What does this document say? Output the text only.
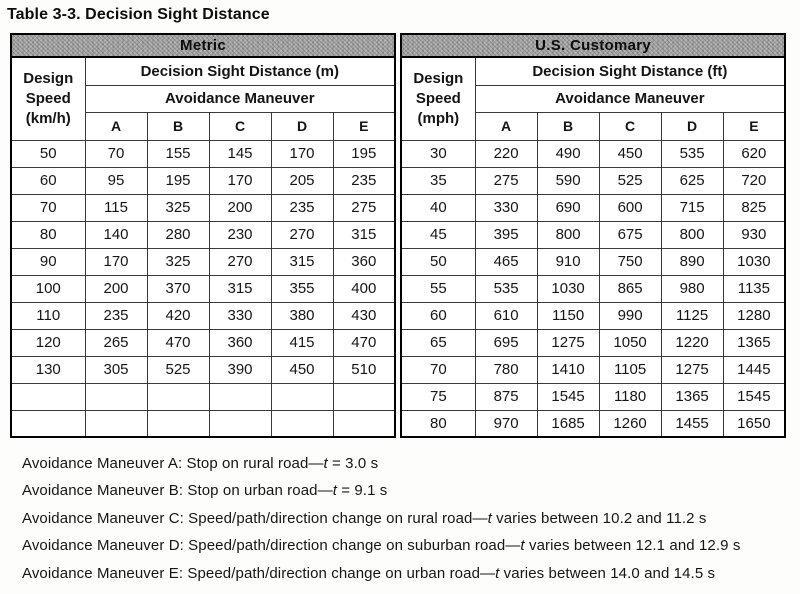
Table 3-3. Decision Sight Distance
Metric					

Design
Speed
(km/h)	Decision Sight Distance (m)				
	Avoidance Maneuver				
	A	B	C	D	E
50	70	155	145	170	195
60	95	195	170	205	235
70	115	325	200	235	275
80	140	280	230	270	315
90	170	325	270	315	360
100	200	370	315	355	400
110	235	420	330	380	430
120	265	470	360	415	470
130	305	525	390	450	510

U.S. Customary					

Design
Speed
(mph)	Decision Sight Distance (ft)				
	Avoidance Maneuver				
	A	B	C	D	E
30	220	490	450	535	620
35	275	590	525	625	720
40	330	690	600	715	825
45	395	800	675	800	930
50	465	910	750	890	1030
55	535	1030	865	980	1135
60	610	1150	990	1125	1280
65	695	1275	1050	1220	1365
70	780	1410	1105	1275	1445
75	875	1545	1180	1365	1545
80	970	1685	1260	1455	1650
Avoidance Maneuver A: Stop on rural road—t = 3.0 s
Avoidance Maneuver B: Stop on urban road—t = 9.1 s
Avoidance Maneuver C: Speed/path/direction change on rural road—t varies between 10.2 and 11.2 s
Avoidance Maneuver D: Speed/path/direction change on suburban road—t varies between 12.1 and 12.9 s
Avoidance Maneuver E: Speed/path/direction change on urban road—t varies between 14.0 and 14.5 s
